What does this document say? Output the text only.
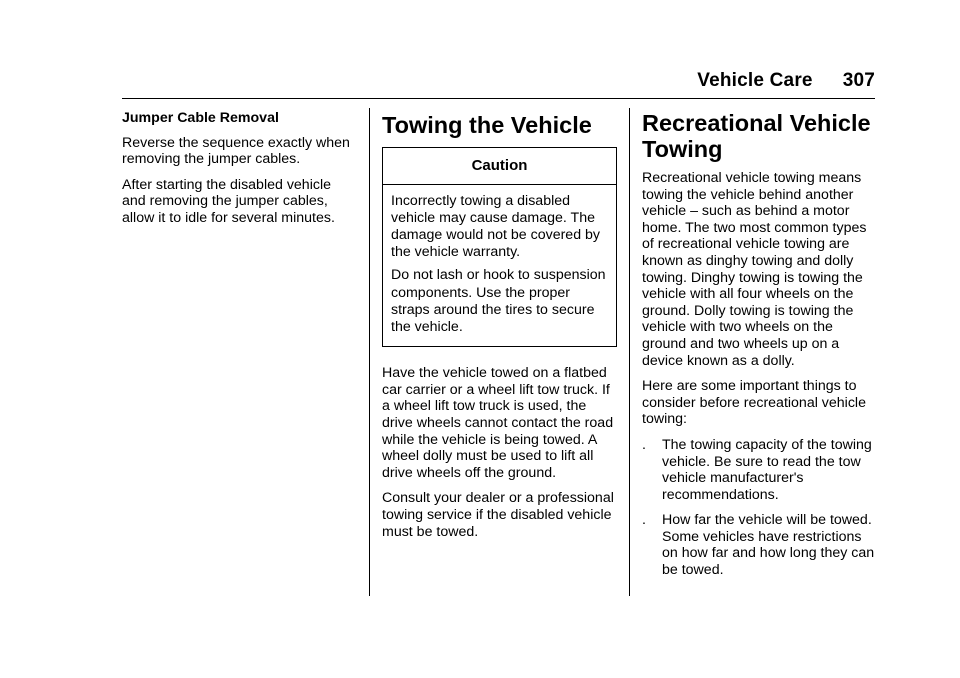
Vehicle Care 307
Jumper Cable Removal

Reverse the sequence exactly when removing the jumper cables.

After starting the disabled vehicle and removing the jumper cables, allow it to idle for several minutes.

Towing the Vehicle
Caution

Incorrectly towing a disabled vehicle may cause damage. The damage would not be covered by the vehicle warranty.

Do not lash or hook to suspension components. Use the proper straps around the tires to secure the vehicle.

Have the vehicle towed on a flatbed car carrier or a wheel lift tow truck. If a wheel lift tow truck is used, the drive wheels cannot contact the road while the vehicle is being towed. A wheel dolly must be used to lift all drive wheels off the ground.

Consult your dealer or a professional towing service if the disabled vehicle must be towed.

Recreational Vehicle Towing

Recreational vehicle towing means towing the vehicle behind another vehicle – such as behind a motor home. The two most common types of recreational vehicle towing are known as dinghy towing and dolly towing. Dinghy towing is towing the vehicle with all four wheels on the ground. Dolly towing is towing the vehicle with two wheels on the ground and two wheels up on a device known as a dolly.

Here are some important things to consider before recreational vehicle towing:

. The towing capacity of the towing vehicle. Be sure to read the tow vehicle manufacturer's recommendations.
. How far the vehicle will be towed. Some vehicles have restrictions on how far and how long they can be towed.
